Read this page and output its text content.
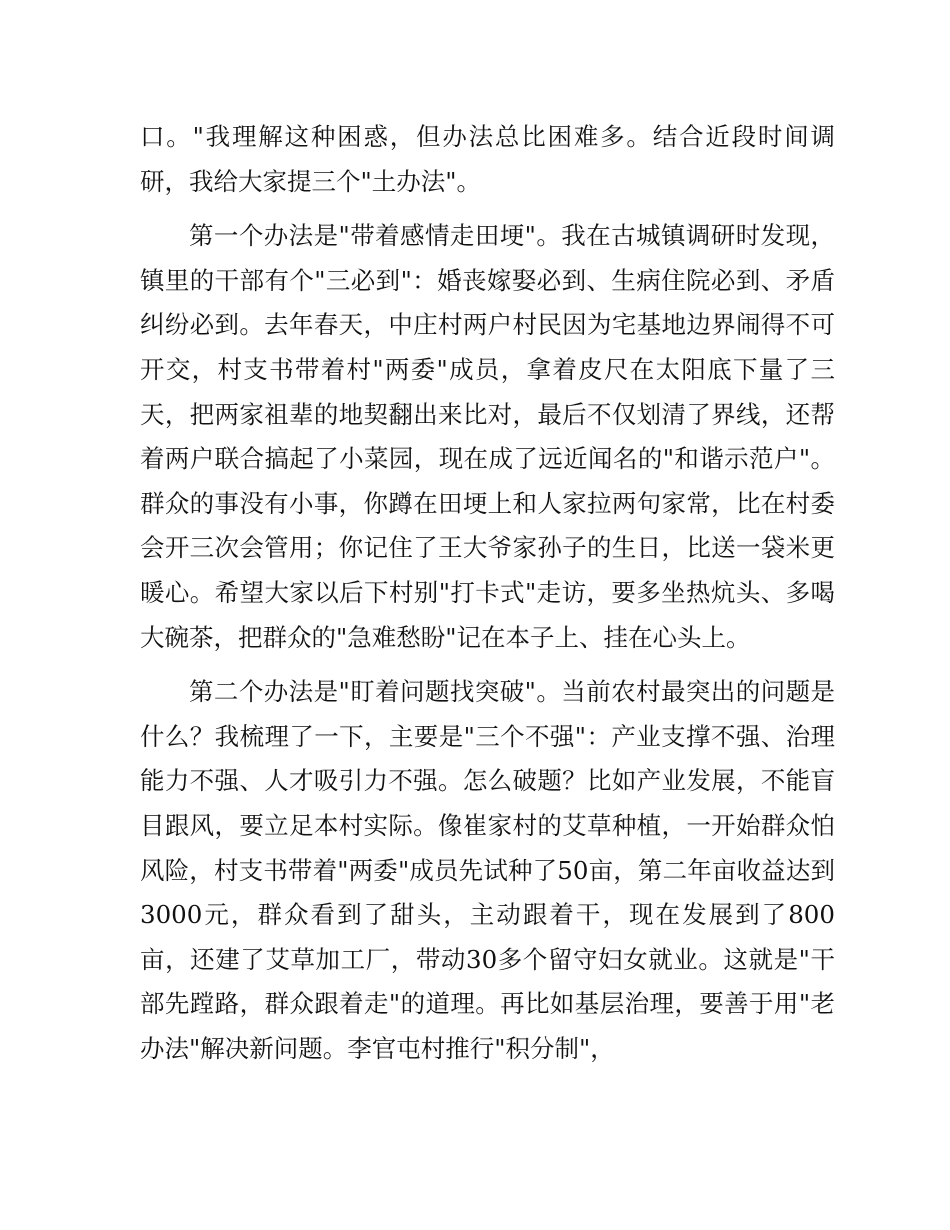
口。"我理解这种困惑，但办法总比困难多。结合近段时间调研，我给大家提三个"土办法"。

第一个办法是"带着感情走田埂"。我在古城镇调研时发现，镇里的干部有个"三必到"：婚丧嫁娶必到、生病住院必到、矛盾纠纷必到。去年春天，中庄村两户村民因为宅基地边界闹得不可开交，村支书带着村"两委"成员，拿着皮尺在太阳底下量了三天，把两家祖辈的地契翻出来比对，最后不仅划清了界线，还帮着两户联合搞起了小菜园，现在成了远近闻名的"和谐示范户"。群众的事没有小事，你蹲在田埂上和人家拉两句家常，比在村委会开三次会管用；你记住了王大爷家孙子的生日，比送一袋米更暖心。希望大家以后下村别"打卡式"走访，要多坐热炕头、多喝大碗茶，把群众的"急难愁盼"记在本子上、挂在心头上。

第二个办法是"盯着问题找突破"。当前农村最突出的问题是什么？我梳理了一下，主要是"三个不强"：产业支撑不强、治理能力不强、人才吸引力不强。怎么破题？比如产业发展，不能盲目跟风，要立足本村实际。像崔家村的艾草种植，一开始群众怕风险，村支书带着"两委"成员先试种了50亩，第二年亩收益达到3000元，群众看到了甜头，主动跟着干，现在发展到了800亩，还建了艾草加工厂，带动30多个留守妇女就业。这就是"干部先蹚路，群众跟着走"的道理。再比如基层治理，要善于用"老办法"解决新问题。李官屯村推行"积分制"，
